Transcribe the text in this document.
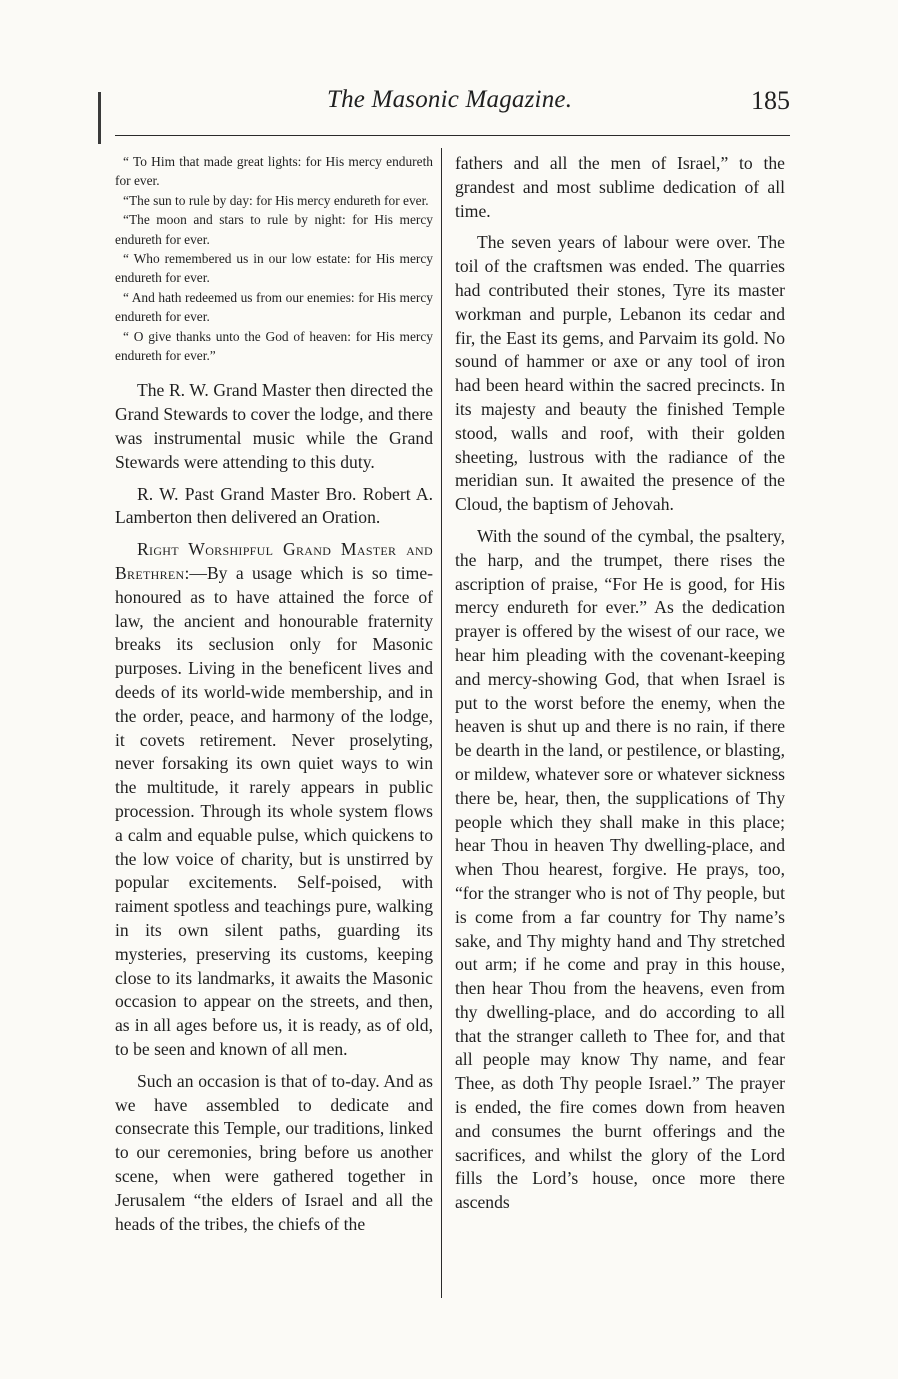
The Masonic Magazine.	185

“ To Him that made great lights: for His mercy endureth for ever.

“The sun to rule by day: for His mercy endureth for ever.

“The moon and stars to rule by night: for His mercy endureth for ever.

“ Who remembered us in our low estate: for His mercy endureth for ever.

“ And hath redeemed us from our enemies: for His mercy endureth for ever.

“ O give thanks unto the God of heaven: for His mercy endureth for ever.”

The R. W. Grand Master then directed the Grand Stewards to cover the lodge, and there was instrumental music while the Grand Stewards were attending to this duty.

R. W. Past Grand Master Bro. Robert A. Lamberton then delivered an Oration.

Right Worshipful Grand Master and Brethren:—By a usage which is so time-honoured as to have attained the force of law, the ancient and honourable fraternity breaks its seclusion only for Masonic purposes. Living in the beneficent lives and deeds of its world-wide membership, and in the order, peace, and harmony of the lodge, it covets retirement. Never proselyting, never forsaking its own quiet ways to win the multitude, it rarely appears in public procession. Through its whole system flows a calm and equable pulse, which quickens to the low voice of charity, but is unstirred by popular excitements. Self-poised, with raiment spotless and teachings pure, walking in its own silent paths, guarding its mysteries, preserving its customs, keeping close to its landmarks, it awaits the Masonic occasion to appear on the streets, and then, as in all ages before us, it is ready, as of old, to be seen and known of all men.

Such an occasion is that of to-day. And as we have assembled to dedicate and consecrate this Temple, our traditions, linked to our ceremonies, bring before us another scene, when were gathered together in Jerusalem “the elders of Israel and all the heads of the tribes, the chiefs of the

fathers and all the men of Israel,” to the grandest and most sublime dedication of all time.

The seven years of labour were over. The toil of the craftsmen was ended. The quarries had contributed their stones, Tyre its master workman and purple, Lebanon its cedar and fir, the East its gems, and Parvaim its gold. No sound of hammer or axe or any tool of iron had been heard within the sacred precincts. In its majesty and beauty the finished Temple stood, walls and roof, with their golden sheeting, lustrous with the radiance of the meridian sun. It awaited the presence of the Cloud, the baptism of Jehovah.

With the sound of the cymbal, the psaltery, the harp, and the trumpet, there rises the ascription of praise, “For He is good, for His mercy endureth for ever.” As the dedication prayer is offered by the wisest of our race, we hear him pleading with the covenant-keeping and mercy-showing God, that when Israel is put to the worst before the enemy, when the heaven is shut up and there is no rain, if there be dearth in the land, or pestilence, or blasting, or mildew, whatever sore or whatever sickness there be, hear, then, the supplications of Thy people which they shall make in this place; hear Thou in heaven Thy dwelling-place, and when Thou hearest, forgive. He prays, too, “for the stranger who is not of Thy people, but is come from a far country for Thy name’s sake, and Thy mighty hand and Thy stretched out arm; if he come and pray in this house, then hear Thou from the heavens, even from thy dwelling-place, and do according to all that the stranger calleth to Thee for, and that all people may know Thy name, and fear Thee, as doth Thy people Israel.” The prayer is ended, the fire comes down from heaven and consumes the burnt offerings and the sacrifices, and whilst the glory of the Lord fills the Lord’s house, once more there ascends
